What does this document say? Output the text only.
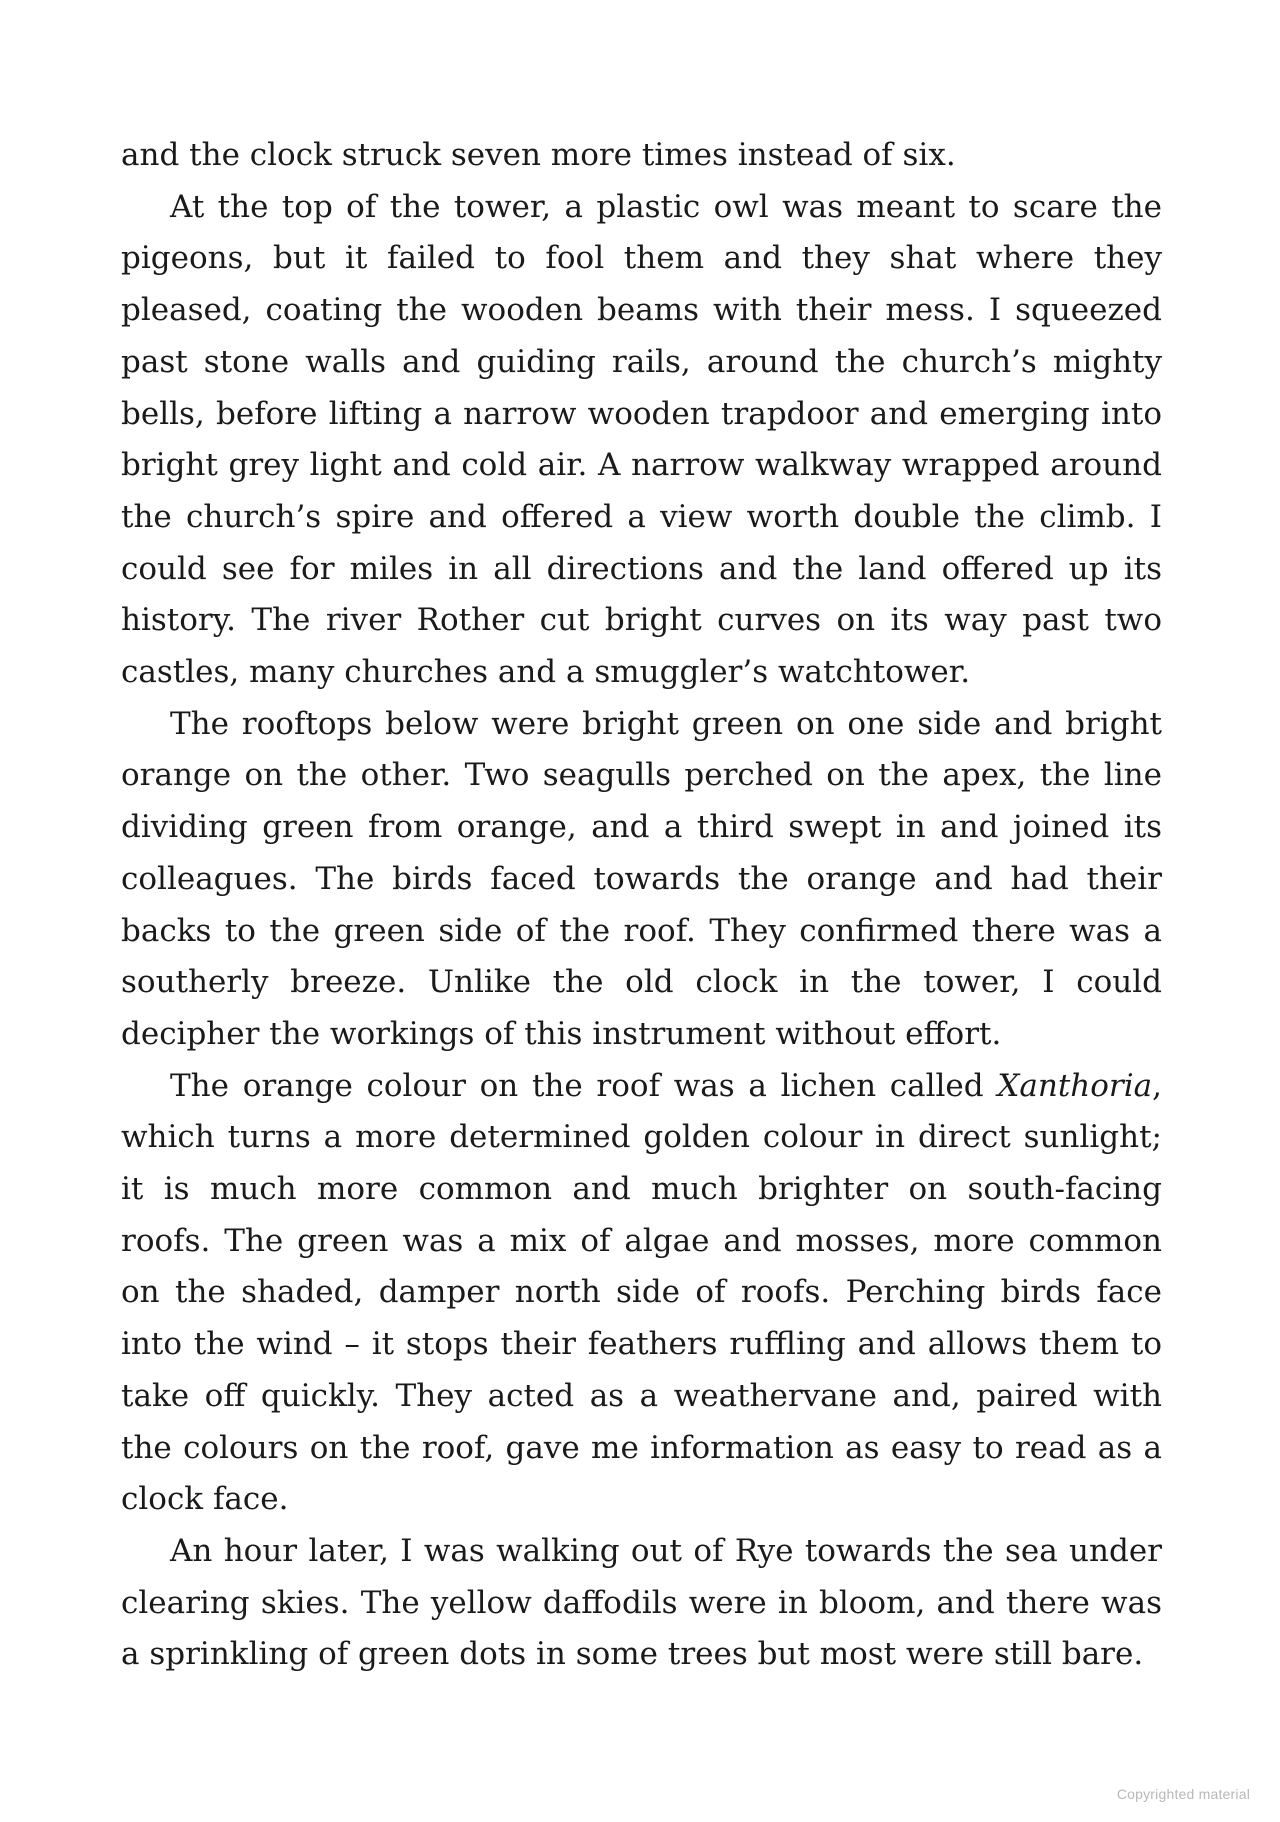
and the clock struck seven more times instead of six.

At the top of the tower, a plastic owl was meant to scare the pigeons, but it failed to fool them and they shat where they pleased, coating the wooden beams with their mess. I squeezed past stone walls and guiding rails, around the church’s mighty bells, before lifting a narrow wooden trapdoor and emerging into bright grey light and cold air. A narrow walkway wrapped around the church’s spire and offered a view worth double the climb. I could see for miles in all directions and the land offered up its history. The river Rother cut bright curves on its way past two castles, many churches and a smuggler’s watchtower.

The rooftops below were bright green on one side and bright orange on the other. Two seagulls perched on the apex, the line dividing green from orange, and a third swept in and joined its colleagues. The birds faced towards the orange and had their backs to the green side of the roof. They confirmed there was a southerly breeze. Unlike the old clock in the tower, I could decipher the workings of this instrument without effort.

The orange colour on the roof was a lichen called Xanthoria, which turns a more determined golden colour in direct sunlight; it is much more common and much brighter on south-facing roofs. The green was a mix of algae and mosses, more common on the shaded, damper north side of roofs. Perching birds face into the wind – it stops their feathers ruffling and allows them to take off quickly. They acted as a weathervane and, paired with the colours on the roof, gave me information as easy to read as a clock face.

An hour later, I was walking out of Rye towards the sea under clearing skies. The yellow daffodils were in bloom, and there was a sprinkling of green dots in some trees but most were still bare.

Copyrighted material
